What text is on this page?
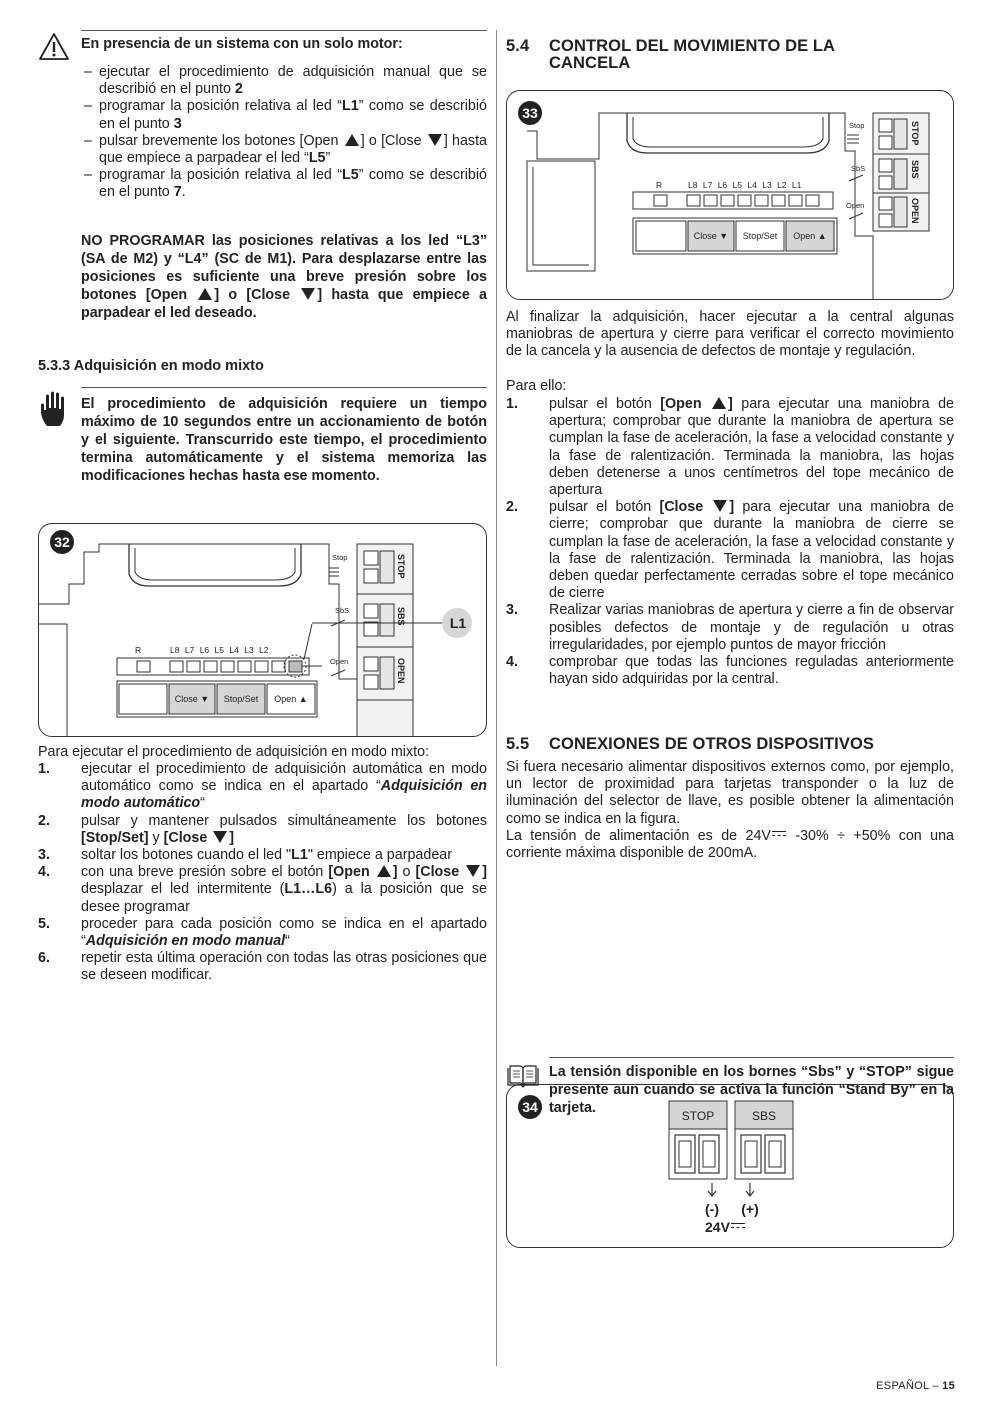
En presencia de un sistema con un solo motor:
– ejecutar el procedimiento de adquisición manual que se describió en el punto 2
– programar la posición relativa al led “L1” como se describió en el punto 3
– pulsar brevemente los botones [Open ] o [Close ] hasta que empiece a parpadear el led “L5”
– programar la posición relativa al led “L5” como se describió en el punto 7.
NO PROGRAMAR las posiciones relativas a los led “L3” (SA de M2) y “L4” (SC de M1). Para desplazarse entre las posiciones es suficiente una breve presión sobre los botones [Open ] o [Close ] hasta que empiece a parpadear el led deseado.
5.3.3 Adquisición en modo mixto
El procedimiento de adquisición requiere un tiempo máximo de 10 segundos entre un accionamiento de botón y el siguiente. Transcurrido este tiempo, el procedimiento termina automáticamente y el sistema memoriza las modificaciones hechas hasta ese momento.
32
L1
R	L8 L7 L6 L5 L4 L3 L2
Close ▼	Stop/Set	Open ▲
Stop
SbS
Open
STOP
SBS
OPEN
Para ejecutar el procedimiento de adquisición en modo mixto:
1.	ejecutar el procedimiento de adquisición automática en modo automático como se indica en el apartado “Adquisición en modo automático“
2.	pulsar y mantener pulsados simultáneamente los botones [Stop/Set] y [Close ]
3.	soltar los botones cuando el led "L1" empiece a parpadear
4.	con una breve presión sobre el botón [Open ] o [Close ] desplazar el led intermitente (L1…L6) a la posición que se desee programar
5.	proceder para cada posición como se indica en el apartado “Adquisición en modo manual“
6.	repetir esta última operación con todas las otras posiciones que se deseen modificar.
5.4 CONTROL DEL MOVIMIENTO DE LA CANCELA
33
R	L8 L7 L6 L5 L4 L3 L2 L1
Close ▼	Stop/Set	Open ▲
Stop
SbS
Open
STOP
SBS
OPEN
Al finalizar la adquisición, hacer ejecutar a la central algunas maniobras de apertura y cierre para verificar el correcto movimiento de la cancela y la ausencia de defectos de montaje y regulación.
Para ello:
1.	pulsar el botón [Open ] para ejecutar una maniobra de apertura; comprobar que durante la maniobra de apertura se cumplan la fase de aceleración, la fase a velocidad constante y la fase de ralentización. Terminada la maniobra, las hojas deben detenerse a unos centímetros del tope mecánico de apertura
2.	pulsar el botón [Close ] para ejecutar una maniobra de cierre; comprobar que durante la maniobra de cierre se cumplan la fase de aceleración, la fase a velocidad constante y la fase de ralentización. Terminada la maniobra, las hojas deben quedar perfectamente cerradas sobre el tope mecánico de cierre
3.	Realizar varias maniobras de apertura y cierre a fin de observar posibles defectos de montaje y de regulación u otras irregularidades, por ejemplo puntos de mayor fricción
4.	comprobar que todas las funciones reguladas anteriormente hayan sido adquiridas por la central.
5.5 CONEXIONES DE OTROS DISPOSITIVOS
Si fuera necesario alimentar dispositivos externos como, por ejemplo, un lector de proximidad para tarjetas transponder o la luz de iluminación del selector de llave, es posible obtener la alimentación como se indica en la figura.
La tensión de alimentación es de 24V -30% ÷ +50% con una corriente máxima disponible de 200mA.
34
STOP	SBS
(-)	(+)
24V
La tensión disponible en los bornes “Sbs” y “STOP” sigue presente aun cuando se activa la función “Stand By” en la tarjeta.
ESPAÑOL – 15
